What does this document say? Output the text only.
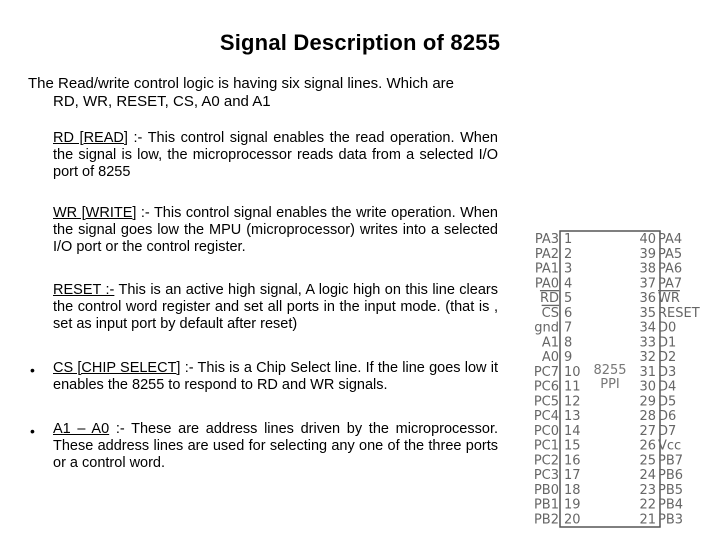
Signal Description of 8255
The Read/write control logic is having six signal lines. Which are
RD, WR, RESET, CS, A0 and A1
RD [READ] :- This control signal enables the read operation. When the signal is low, the microprocessor reads data from a selected I/O port of 8255
WR [WRITE] :- This control signal enables the write operation. When the signal goes low the MPU (microprocessor) writes into a selected I/O port or the control register.
RESET :- This is an active high signal, A logic high on this line clears the control word register and set all ports in the input mode. (that is , set as input port by default after reset)
• CS [CHIP SELECT] :- This is a Chip Select line. If the line goes low it enables the 8255 to respond to RD and WR signals.
• A1 – A0 :- These are address lines driven by the microprocessor. These address lines are used for selecting any one of the three ports or a control word.
8255
PPI
PA3 1
PA2 2
PA1 3
PA0 4
RD 5
CS 6
gnd 7
A1 8
A0 9
PC7 10
PC6 11
PC5 12
PC4 13
PC0 14
PC1 15
PC2 16
PC3 17
PB0 18
PB1 19
PB2 20
40 PA4
39 PA5
38 PA6
37 PA7
36 WR
35 RESET
34 D0
33 D1
32 D2
31 D3
30 D4
29 D5
28 D6
27 D7
26 Vcc
25 PB7
24 PB6
23 PB5
22 PB4
21 PB3
